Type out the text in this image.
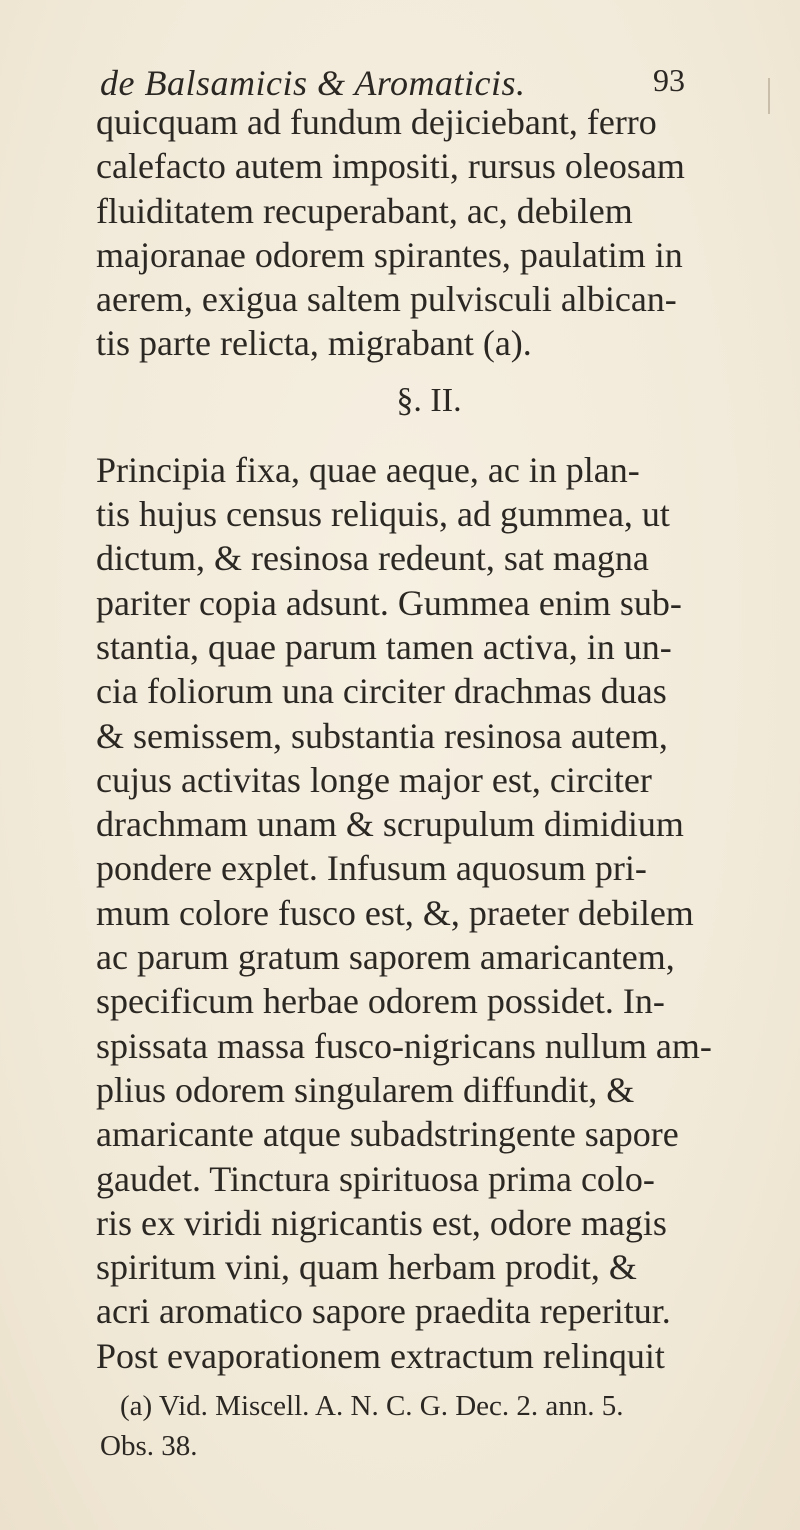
de Balsamicis & Aromaticis.	93
quicquam ad fundum dejiciebant, ferro
calefacto autem impositi, rursus oleosam
fluiditatem recuperabant, ac, debilem
majoranae odorem spirantes, paulatim in
aerem, exigua saltem pulvisculi albican-
tis parte relicta, migrabant (a).
§. II.
Principia fixa, quae aeque, ac in plan-
tis hujus census reliquis, ad gummea, ut
dictum, & resinosa redeunt, sat magna
pariter copia adsunt. Gummea enim sub-
stantia, quae parum tamen activa, in un-
cia foliorum una circiter drachmas duas
& semissem, substantia resinosa autem,
cujus activitas longe major est, circiter
drachmam unam & scrupulum dimidium
pondere explet. Infusum aquosum pri-
mum colore fusco est, &, praeter debilem
ac parum gratum saporem amaricantem,
specificum herbae odorem possidet. In-
spissata massa fusco-nigricans nullum am-
plius odorem singularem diffundit, &
amaricante atque subadstringente sapore
gaudet. Tinctura spirituosa prima colo-
ris ex viridi nigricantis est, odore magis
spiritum vini, quam herbam prodit, &
acri aromatico sapore praedita reperitur.
Post evaporationem extractum relinquit
(a) Vid. Miscell. A. N. C. G. Dec. 2. ann. 5.
Obs. 38.
